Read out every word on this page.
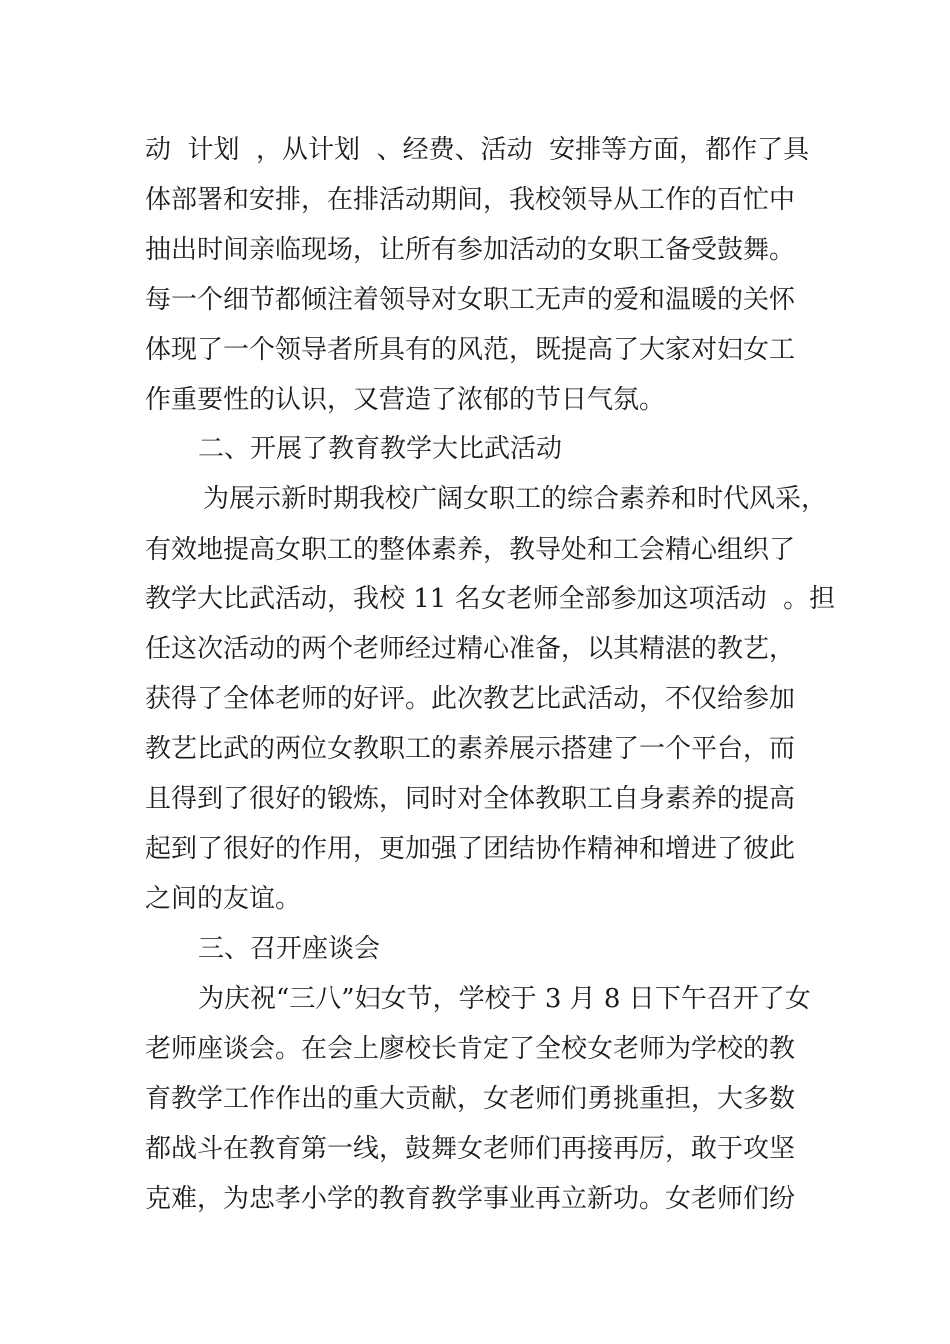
动  计划  ，从计划  、经费、活动  安排等方面，都作了具
体部署和安排，在排活动期间，我校领导从工作的百忙中
抽出时间亲临现场，让所有参加活动的女职工备受鼓舞。
每一个细节都倾注着领导对女职工无声的爱和温暖的关怀
体现了一个领导者所具有的风范，既提高了大家对妇女工
作重要性的认识，又营造了浓郁的节日气氛。
二、开展了教育教学大比武活动
为展示新时期我校广阔女职工的综合素养和时代风采，
有效地提高女职工的整体素养，教导处和工会精心组织了
教学大比武活动，我校 11 名女老师全部参加这项活动  。担
任这次活动的两个老师经过精心准备，以其精湛的教艺，
获得了全体老师的好评。此次教艺比武活动，不仅给参加
教艺比武的两位女教职工的素养展示搭建了一个平台，而
且得到了很好的锻炼，同时对全体教职工自身素养的提高
起到了很好的作用，更加强了团结协作精神和增进了彼此
之间的友谊。
三、召开座谈会
为庆祝“三八”妇女节，学校于 3 月 8 日下午召开了女
老师座谈会。在会上廖校长肯定了全校女老师为学校的教
育教学工作作出的重大贡献，女老师们勇挑重担，大多数
都战斗在教育第一线，鼓舞女老师们再接再厉，敢于攻坚
克难，为忠孝小学的教育教学事业再立新功。女老师们纷
